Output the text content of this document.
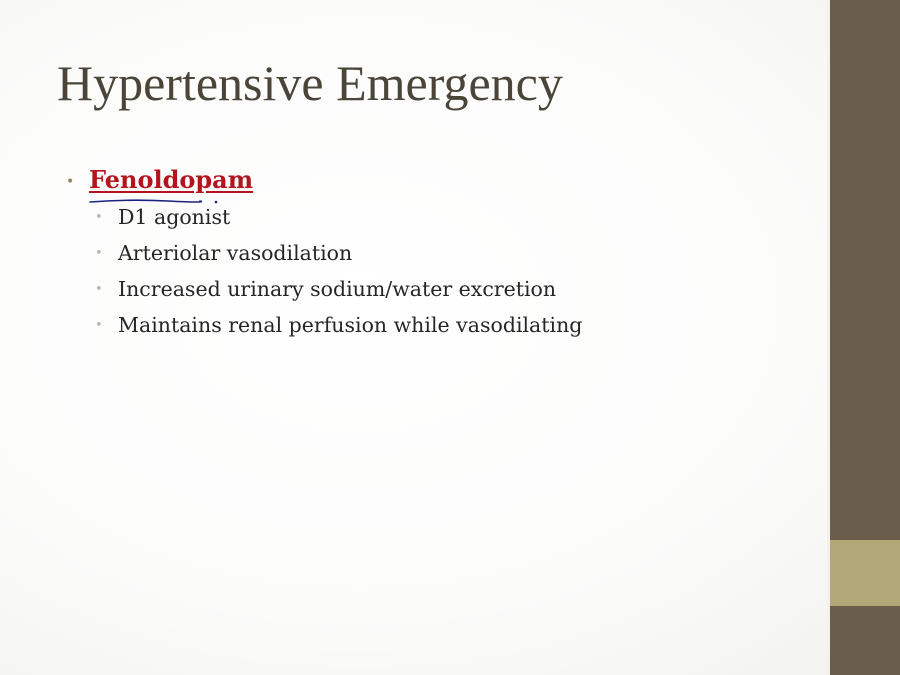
Hypertensive Emergency
• Fenoldopam
• D1 agonist
• Arteriolar vasodilation
• Increased urinary sodium/water excretion
• Maintains renal perfusion while vasodilating
